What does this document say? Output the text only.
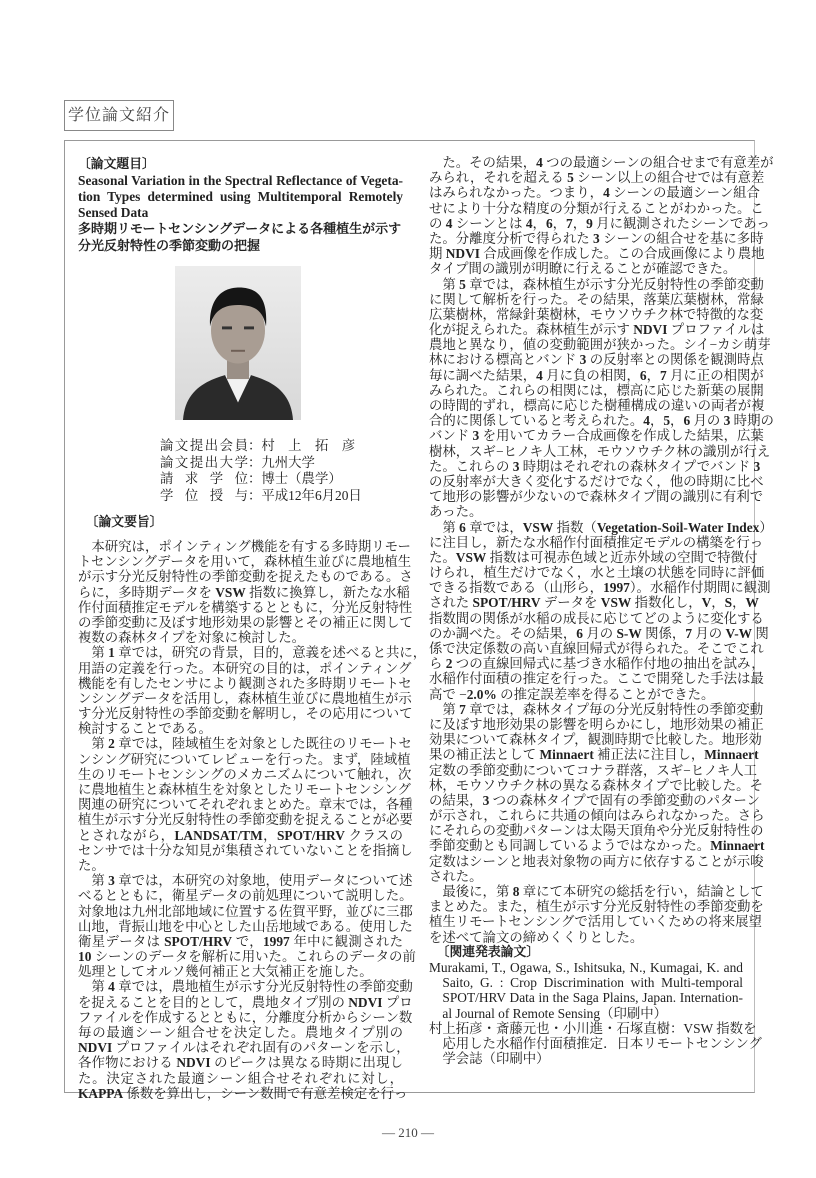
学位論文紹介
〔論文題目〕
Seasonal Variation in the Spectral Reflectance of Vegeta-
tion Types determined using Multitemporal Remotely
Sensed Data
多時期リモートセンシングデータによる各種植生が示す
分光反射特性の季節変動の把握
論文提出会員：村　上　拓　彦
論文提出大学：九州大学
請求学位：博士（農学）
学位授与：平成12年6月20日
〔論文要旨〕
本研究は，ポインティング機能を有する多時期リモー
トセンシングデータを用いて，森林植生並びに農地植生
が示す分光反射特性の季節変動を捉えたものである。さ
らに，多時期データを VSW 指数に換算し，新たな水稲
作付面積推定モデルを構築するとともに，分光反射特性
の季節変動に及ぼす地形効果の影響とその補正に関して
複数の森林タイプを対象に検討した。
第 1 章では，研究の背景，目的，意義を述べると共に，
用語の定義を行った。本研究の目的は，ポインティング
機能を有したセンサにより観測された多時期リモートセ
ンシングデータを活用し，森林植生並びに農地植生が示
す分光反射特性の季節変動を解明し，その応用について
検討することである。
第 2 章では，陸域植生を対象とした既往のリモートセ
ンシング研究についてレビューを行った。まず，陸域植
生のリモートセンシングのメカニズムについて触れ，次
に農地植生と森林植生を対象としたリモートセンシング
関連の研究についてそれぞれまとめた。章末では，各種
植生が示す分光反射特性の季節変動を捉えることが必要
とされながら，LANDSAT/TM，SPOT/HRV クラスの
センサでは十分な知見が集積されていないことを指摘し
た。
第 3 章では，本研究の対象地，使用データについて述
べるとともに，衛星データの前処理について説明した。
対象地は九州北部地域に位置する佐賀平野，並びに三郡
山地，背振山地を中心とした山岳地域である。使用した
衛星データは SPOT/HRV で，1997 年中に観測された
10 シーンのデータを解析に用いた。これらのデータの前
処理としてオルソ幾何補正と大気補正を施した。
第 4 章では，農地植生が示す分光反射特性の季節変動
を捉えることを目的として，農地タイプ別の NDVI プロ
ファイルを作成するとともに，分離度分析からシーン数
毎の最適シーン組合せを決定した。農地タイプ別の
NDVI プロファイルはそれぞれ固有のパターンを示し，
各作物における NDVI のピークは異なる時期に出現し
た。決定された最適シーン組合せそれぞれに対し，
KAPPA 係数を算出し，シーン数間で有意差検定を行っ
た。その結果，4 つの最適シーンの組合せまで有意差が
みられ，それを超える 5 シーン以上の組合せでは有意差
はみられなかった。つまり，4 シーンの最適シーン組合
せにより十分な精度の分類が行えることがわかった。こ
の 4 シーンとは 4，6，7，9 月に観測されたシーンであっ
た。分離度分析で得られた 3 シーンの組合せを基に多時
期 NDVI 合成画像を作成した。この合成画像により農地
タイプ間の識別が明瞭に行えることが確認できた。
第 5 章では，森林植生が示す分光反射特性の季節変動
に関して解析を行った。その結果，落葉広葉樹林，常緑
広葉樹林，常緑針葉樹林，モウソウチク林で特徴的な変
化が捉えられた。森林植生が示す NDVI プロファイルは
農地と異なり，値の変動範囲が狭かった。シイ−カシ萌芽
林における標高とバンド 3 の反射率との関係を観測時点
毎に調べた結果，4 月に負の相関，6，7 月に正の相関が
みられた。これらの相関には，標高に応じた新葉の展開
の時間的ずれ，標高に応じた樹種構成の違いの両者が複
合的に関係していると考えられた。4，5，6 月の 3 時期の
バンド 3 を用いてカラー合成画像を作成した結果，広葉
樹林，スギ−ヒノキ人工林，モウソウチク林の識別が行え
た。これらの 3 時期はそれぞれの森林タイプでバンド 3
の反射率が大きく変化するだけでなく，他の時期に比べ
て地形の影響が少ないので森林タイプ間の識別に有利で
あった。
第 6 章では，VSW 指数（Vegetation-Soil-Water Index）
に注目し，新たな水稲作付面積推定モデルの構築を行っ
た。VSW 指数は可視赤色域と近赤外域の空間で特徴付
けられ，植生だけでなく，水と土壌の状態を同時に評価
できる指数である（山形ら，1997）。水稲作付期間に観測
された SPOT/HRV データを VSW 指数化し，V，S，W
指数間の関係が水稲の成長に応じてどのように変化する
のか調べた。その結果，6 月の S-W 関係，7 月の V-W 関
係で決定係数の高い直線回帰式が得られた。そこでこれ
ら 2 つの直線回帰式に基づき水稲作付地の抽出を試み，
水稲作付面積の推定を行った。ここで開発した手法は最
高で −2.0% の推定誤差率を得ることができた。
第 7 章では，森林タイプ毎の分光反射特性の季節変動
に及ぼす地形効果の影響を明らかにし，地形効果の補正
効果について森林タイプ，観測時期で比較した。地形効
果の補正法として Minnaert 補正法に注目し，Minnaert
定数の季節変動についてコナラ群落，スギ−ヒノキ人工
林，モウソウチク林の異なる森林タイプで比較した。そ
の結果，3 つの森林タイプで固有の季節変動のパターン
が示され，これらに共通の傾向はみられなかった。さら
にそれらの変動パターンは太陽天頂角や分光反射特性の
季節変動とも同調しているようではなかった。Minnaert
定数はシーンと地表対象物の両方に依存することが示唆
された。
最後に，第 8 章にて本研究の総括を行い，結論として
まとめた。また，植生が示す分光反射特性の季節変動を
植生リモートセンシングで活用していくための将来展望
を述べて論文の締めくくりとした。
〔関連発表論文〕
Murakami, T., Ogawa, S., Ishitsuka, N., Kumagai, K. and
Saito, G. : Crop Discrimination with Multi-temporal
SPOT/HRV Data in the Saga Plains, Japan. Internation-
al Journal of Remote Sensing（印刷中）
村上拓彦・斎藤元也・小川進・石塚直樹：VSW 指数を
応用した水稲作付面積推定．日本リモートセンシング
学会誌（印刷中）
— 210 —
